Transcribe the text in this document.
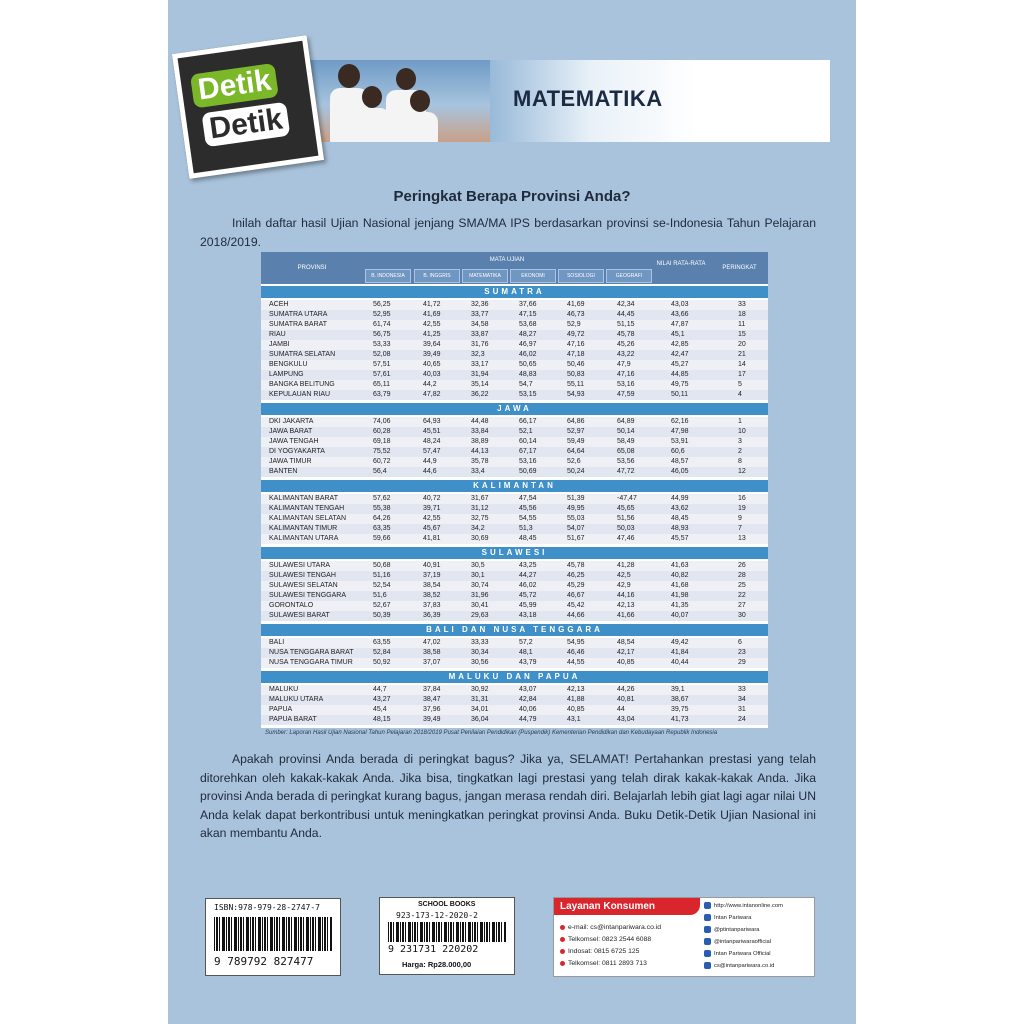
MATEMATIKA
Detik
Detik
Peringkat Berapa Provinsi Anda?
Inilah daftar hasil Ujian Nasional jenjang SMA/MA IPS berdasarkan provinsi se-Indonesia Tahun Pelajaran 2018/2019.
PROVINSI
MATA UJIAN
NILAI RATA-RATA
PERINGKAT
B. INDONESIA	B. INGGRIS	MATEMATIKA	EKONOMI	SOSIOLOGI	GEOGRAFI
SUMATRA
ACEH	56,25	41,72	32,36	37,66	41,69	42,34	43,03	33
SUMATRA UTARA	52,95	41,69	33,77	47,15	46,73	44,45	43,66	18
SUMATRA BARAT	61,74	42,55	34,58	53,68	52,9	51,15	47,87	11
RIAU	56,75	41,25	33,87	48,27	49,72	45,78	45,1	15
JAMBI	53,33	39,64	31,76	46,97	47,16	45,26	42,85	20
SUMATRA SELATAN	52,08	39,49	32,3	46,02	47,18	43,22	42,47	21
BENGKULU	57,51	40,65	33,17	50,65	50,46	47,9	45,27	14
LAMPUNG	57,61	40,03	31,94	48,83	50,83	47,16	44,85	17
BANGKA BELITUNG	65,11	44,2	35,14	54,7	55,11	53,16	49,75	5
KEPULAUAN RIAU	63,79	47,82	36,22	53,15	54,93	47,59	50,11	4
JAWA
DKI JAKARTA	74,06	64,93	44,48	66,17	64,86	64,89	62,16	1
JAWA BARAT	60,28	45,51	33,84	52,1	52,97	50,14	47,98	10
JAWA TENGAH	69,18	48,24	38,89	60,14	59,49	58,49	53,91	3
DI YOGYAKARTA	75,52	57,47	44,13	67,17	64,64	65,08	60,6	2
JAWA TIMUR	60,72	44,9	35,78	53,16	52,6	53,56	48,57	8
BANTEN	56,4	44,6	33,4	50,69	50,24	47,72	46,05	12
KALIMANTAN
KALIMANTAN BARAT	57,62	40,72	31,67	47,54	51,39	-47,47	44,99	16
KALIMANTAN TENGAH	55,38	39,71	31,12	45,56	49,95	45,65	43,62	19
KALIMANTAN SELATAN	64,26	42,55	32,75	54,55	55,03	51,56	48,45	9
KALIMANTAN TIMUR	63,35	45,67	34,2	51,3	54,07	50,03	48,93	7
KALIMANTAN UTARA	59,66	41,81	30,69	48,45	51,67	47,46	45,57	13
SULAWESI
SULAWESI UTARA	50,68	40,91	30,5	43,25	45,78	41,28	41,63	26
SULAWESI TENGAH	51,16	37,19	30,1	44,27	46,25	42,5	40,82	28
SULAWESI SELATAN	52,54	38,54	30,74	46,02	45,29	42,9	41,68	25
SULAWESI TENGGARA	51,6	38,52	31,96	45,72	46,67	44,16	41,98	22
GORONTALO	52,67	37,83	30,41	45,99	45,42	42,13	41,35	27
SULAWESI BARAT	50,39	36,39	29,63	43,18	44,66	41,66	40,07	30
BALI DAN NUSA TENGGARA
BALI	63,55	47,02	33,33	57,2	54,95	48,54	49,42	6
NUSA TENGGARA BARAT	52,84	38,58	30,34	48,1	46,46	42,17	41,84	23
NUSA TENGGARA TIMUR	50,92	37,07	30,56	43,79	44,55	40,85	40,44	29
MALUKU DAN PAPUA
MALUKU	44,7	37,84	30,92	43,07	42,13	44,26	39,1	33
MALUKU UTARA	43,27	38,47	31,31	42,84	41,88	40,81	38,67	34
PAPUA	45,4	37,96	34,01	40,06	40,85	44	39,75	31
PAPUA BARAT	48,15	39,49	36,04	44,79	43,1	43,04	41,73	24
Sumber: Laporan Hasil Ujian Nasional Tahun Pelajaran 2018/2019 Pusat Penilaian Pendidikan (Puspendik) Kementerian Pendidikan dan Kebudayaan Republik Indonesia
Apakah provinsi Anda berada di peringkat bagus? Jika ya, SELAMAT! Pertahankan prestasi yang telah ditorehkan oleh kakak-kakak Anda. Jika bisa, tingkatkan lagi prestasi yang telah dirak kakak-kakak Anda. Jika provinsi Anda berada di peringkat kurang bagus, jangan merasa rendah diri. Belajarlah lebih giat lagi agar nilai UN Anda kelak dapat berkontribusi untuk meningkatkan peringkat provinsi Anda. Buku Detik-Detik Ujian Nasional ini akan membantu Anda.
ISBN:978-979-28-2747-7
9 789792 827477
SCHOOL BOOKS
923-173-12-2020-2
9 231731 220202
Harga: Rp28.000,00
Layanan Konsumen
e-mail: cs@intanpariwara.co.id
Telkomsel: 0823 2544 6088
Indosat: 0815 6725 125
Telkomsel: 0811 2893 713
http://www.intanonline.com
Intan Pariwara
@ptintanpariwara
@intanpariwaraofficial
Intan Pariwara Official
cs@intanpariwara.co.id
